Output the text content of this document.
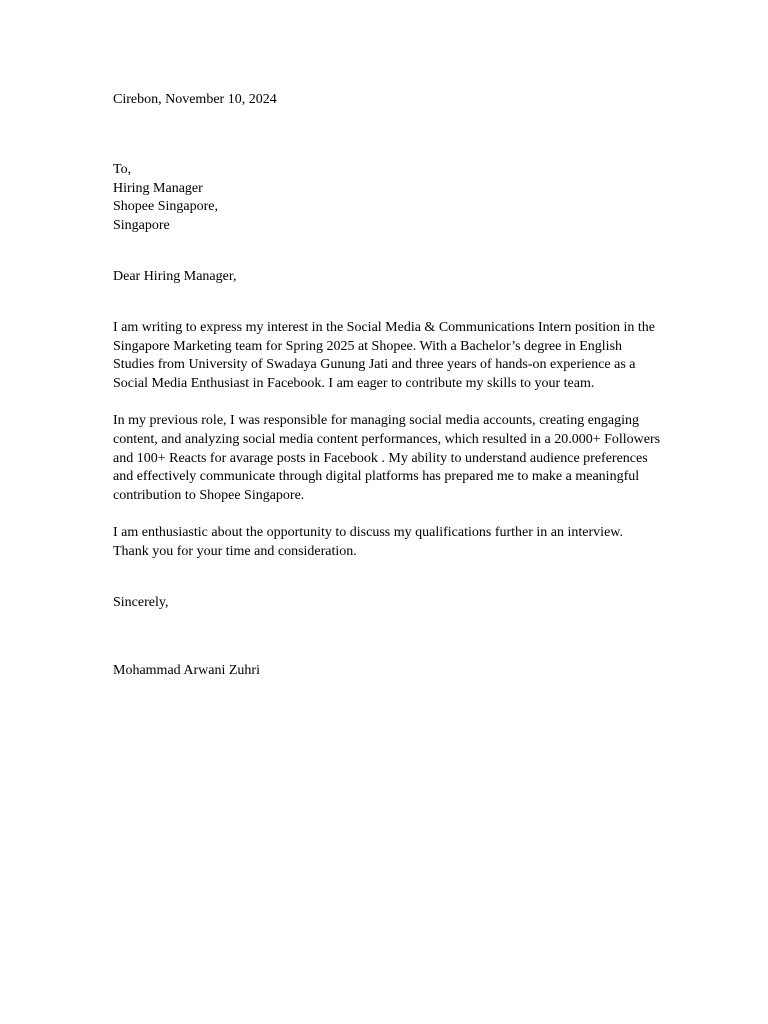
Cirebon, November 10, 2024
To,
Hiring Manager
Shopee Singapore,
Singapore
Dear Hiring Manager,
I am writing to express my interest in the Social Media & Communications Intern position in the
Singapore Marketing team for Spring 2025 at Shopee. With a Bachelor’s degree in English
Studies from University of Swadaya Gunung Jati and three years of hands-on experience as a
Social Media Enthusiast in Facebook. I am eager to contribute my skills to your team.
In my previous role, I was responsible for managing social media accounts, creating engaging
content, and analyzing social media content performances, which resulted in a 20.000+ Followers
and 100+ Reacts for avarage posts in Facebook . My ability to understand audience preferences
and effectively communicate through digital platforms has prepared me to make a meaningful
contribution to Shopee Singapore.
I am enthusiastic about the opportunity to discuss my qualifications further in an interview.
Thank you for your time and consideration.
Sincerely,
Mohammad Arwani Zuhri
